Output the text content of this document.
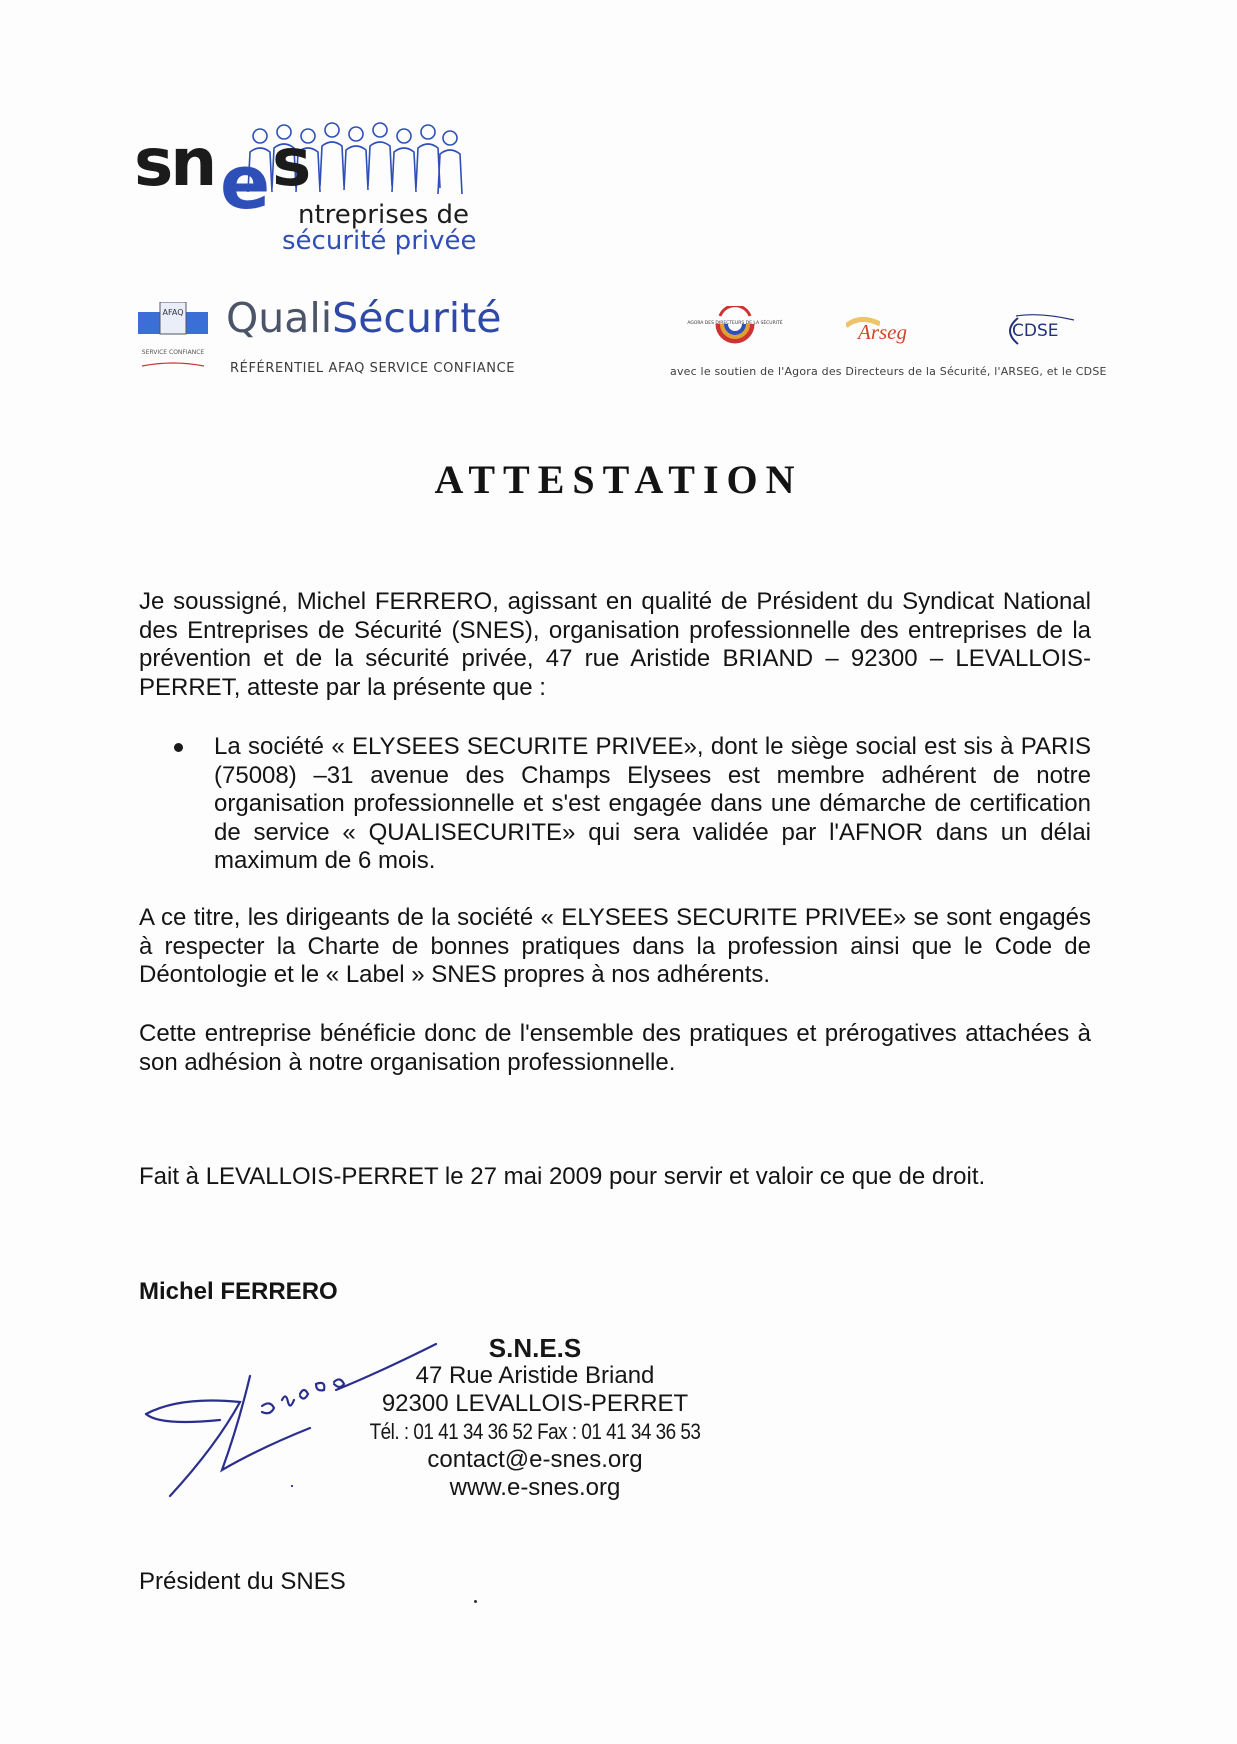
sn e s
ntreprises de
sécurité privée
AFAQ
SERVICE CONFIANCE
QualiSécurité
RÉFÉRENTIEL AFAQ SERVICE CONFIANCE
AGORA DES DIRECTEURS DE LA SÉCURITÉ	Arseg	CDSE
avec le soutien de l'Agora des Directeurs de la Sécurité, l'ARSEG, et le CDSE
ATTESTATION
Je soussigné, Michel FERRERO, agissant en qualité de Président du Syndicat National des Entreprises de Sécurité (SNES), organisation professionnelle des entreprises de la prévention et de la sécurité privée, 47 rue Aristide BRIAND – 92300 – LEVALLOIS-PERRET, atteste par la présente que :
La société « ELYSEES SECURITE PRIVEE», dont le siège social est sis à PARIS (75008) –31 avenue des Champs Elysees est membre adhérent de notre organisation professionnelle et s'est engagée dans une démarche de certification de service « QUALISECURITE» qui sera validée par l'AFNOR dans un délai maximum de 6 mois.
A ce titre, les dirigeants de la société « ELYSEES SECURITE PRIVEE» se sont engagés à respecter la Charte de bonnes pratiques dans la profession ainsi que le Code de Déontologie et le « Label » SNES propres à nos adhérents.
Cette entreprise bénéficie donc de l'ensemble des pratiques et prérogatives attachées à son adhésion à notre organisation professionnelle.
Fait à LEVALLOIS-PERRET le 27 mai 2009 pour servir et valoir ce que de droit.
Michel FERRERO
S.N.E.S
47 Rue Aristide Briand
92300 LEVALLOIS-PERRET
Tél. : 01 41 34 36 52 Fax : 01 41 34 36 53
contact@e-snes.org
www.e-snes.org
Président du SNES
